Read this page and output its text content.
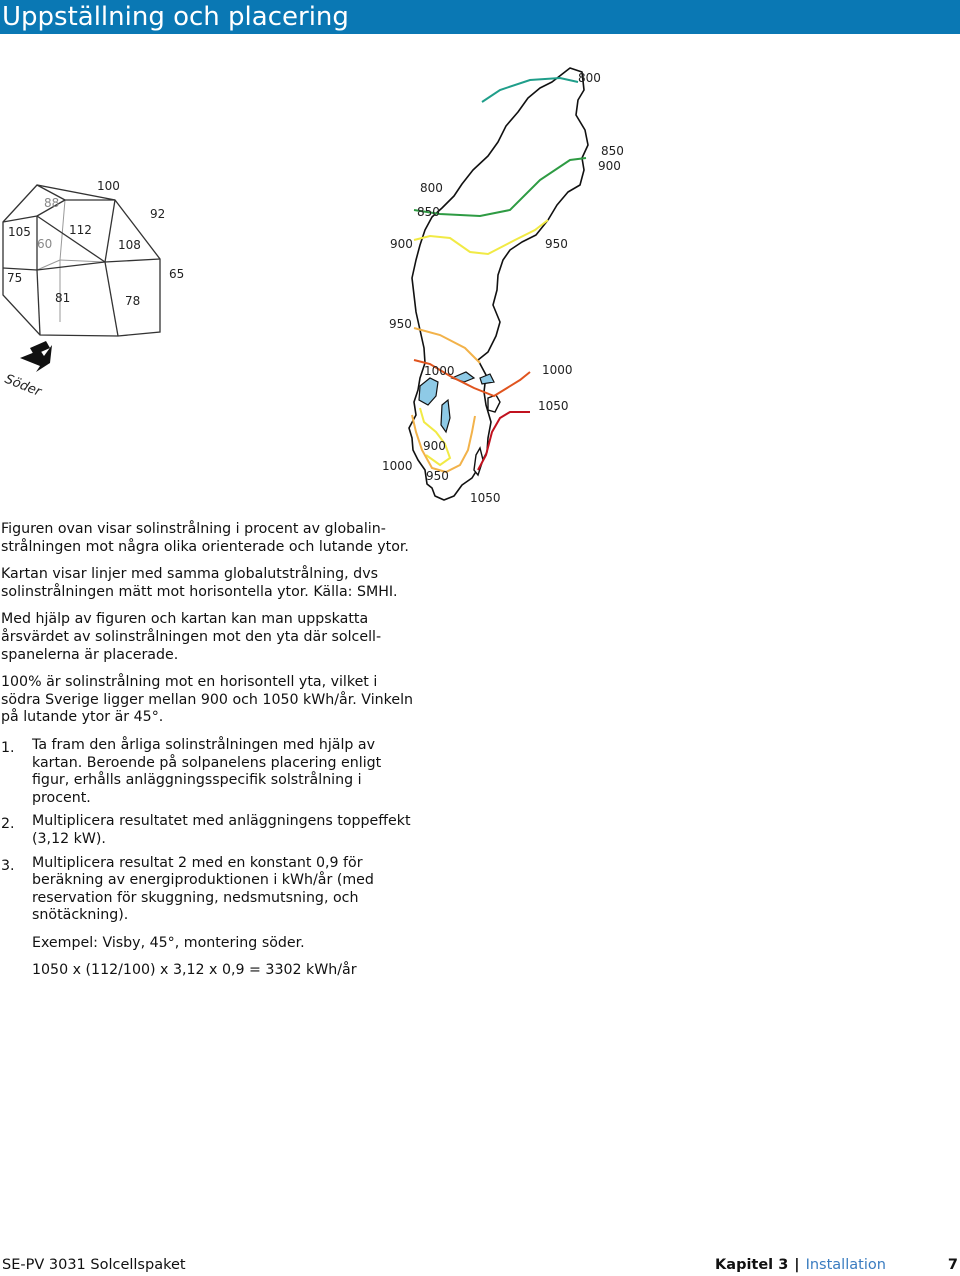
Uppställning och placering
100
88
92
105
60
112
108
75	65
81	78
Söder
800
850
900
800
850
900	950
950
1000	1000
1050
900
1000
950
1050

Figuren ovan visar solinstrålning i procent av globalinstrålningen mot några olika orienterade och lutande ytor.

Kartan visar linjer med samma globalutstrålning, dvs solinstrålningen mätt mot horisontella ytor. Källa: SMHI.

Med hjälp av figuren och kartan kan man uppskatta årsvärdet av solinstrålningen mot den yta där solcellspanelerna är placerade.

100% är solinstrålning mot en horisontell yta, vilket i södra Sverige ligger mellan 900 och 1050 kWh/år. Vinkeln på lutande ytor är 45°.

1.	Ta fram den årliga solinstrålningen med hjälp av kartan. Beroende på solpanelens placering enligt figur, erhålls anläggningsspecifik solstrålning i procent.
2.	Multiplicera resultatet med anläggningens toppeffekt (3,12 kW).
3.	Multiplicera resultat 2 med en konstant 0,9 för beräkning av energiproduktionen i kWh/år (med reservation för skuggning, nedsmutsning, och snötäckning).
Exempel: Visby, 45°, montering söder.
1050 x (112/100) x 3,12 x 0,9 = 3302 kWh/år
SE-PV 3031 Solcellspaket	Kapitel 3 | Installation	7
